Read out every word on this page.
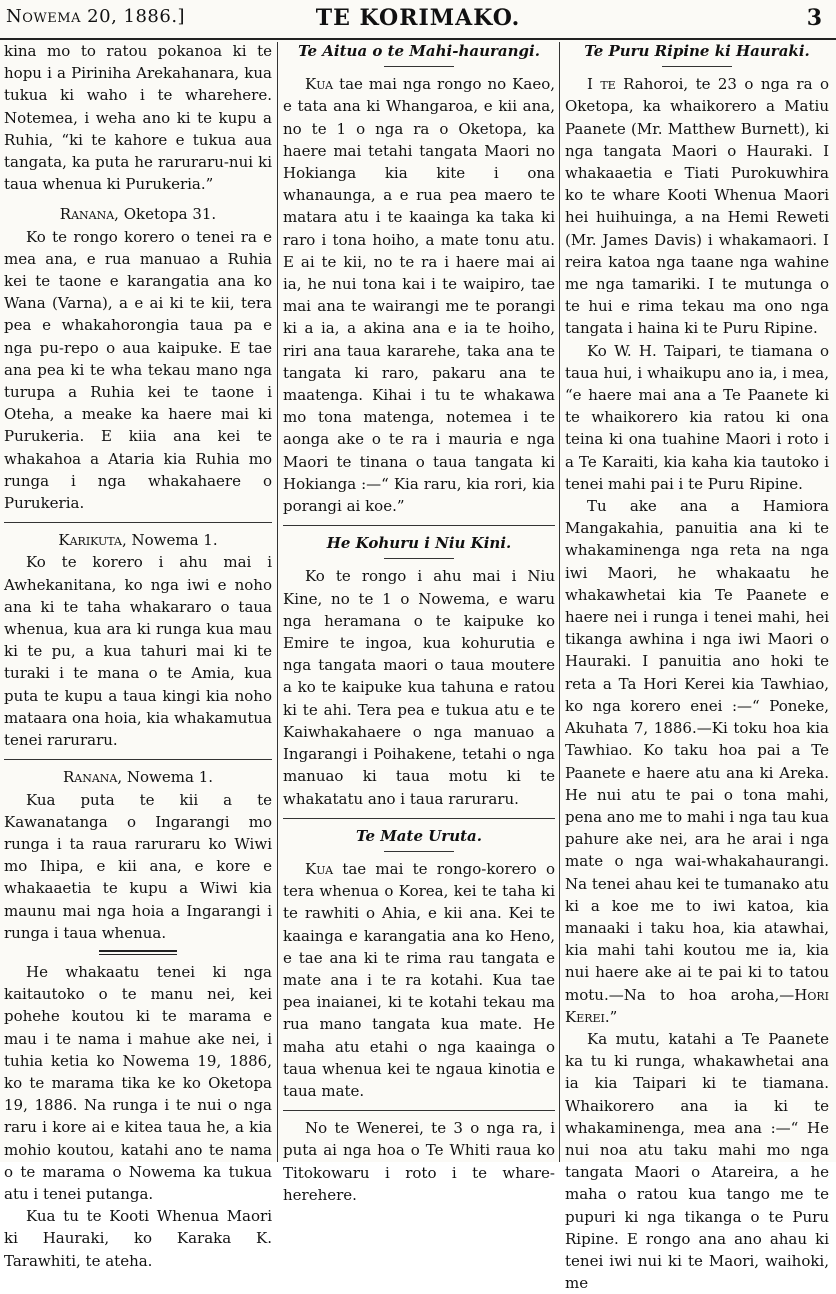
Nowema 20, 1886.]	TE KORIMAKO.	3

kina mo to ratou pokanoa ki te hopu i a Piriniha Arekahanara, kua tukua ki waho i te wharehere. Notemea, i weha ano ki te kupu a Ruhia, “ki te kahore e tukua aua tangata, ka puta he raruraru-nui ki taua whenua ki Purukeria.”

Ranana, Oketopa 31.

Ko te rongo korero o tenei ra e mea ana, e rua manuao a Ruhia kei te taone e karangatia ana ko Wana (Varna), a e ai ki te kii, tera pea e whakahorongia taua pa e nga pu-repo o aua kaipuke. E tae ana pea ki te wha tekau mano nga turupa a Ruhia kei te taone i Oteha, a meake ka haere mai ki Purukeria. E kiia ana kei te whakahoa a Ataria kia Ruhia mo runga i nga whakahaere o Purukeria.

Karikuta, Nowema 1.

Ko te korero i ahu mai i Awhekanitana, ko nga iwi e noho ana ki te taha whakararo o taua whenua, kua ara ki runga kua mau ki te pu, a kua tahuri mai ki te turaki i te mana o te Amia, kua puta te kupu a taua kingi kia noho mataara ona hoia, kia whakamutua tenei raruraru.

Ranana, Nowema 1.

Kua puta te kii a te Kawanatanga o Ingarangi mo runga i ta raua raruraru ko Wiwi mo Ihipa, e kii ana, e kore e whakaaetia te kupu a Wiwi kia maunu mai nga hoia a Ingarangi i runga i taua whenua.

He whakaatu tenei ki nga kaitautoko o te manu nei, kei pohehe koutou ki te marama e mau i te nama i mahue ake nei, i tuhia ketia ko Nowema 19, 1886, ko te marama tika ke ko Oketopa 19, 1886. Na runga i te nui o nga raru i kore ai e kitea taua he, a kia mohio koutou, katahi ano te nama o te marama o Nowema ka tukua atu i tenei putanga.

Kua tu te Kooti Whenua Maori ki Hauraki, ko Karaka K. Tarawhiti, te ateha.

Te Aitua o te Mahi-haurangi.

Kua tae mai nga rongo no Kaeo, e tata ana ki Whangaroa, e kii ana, no te 1 o nga ra o Oketopa, ka haere mai tetahi tangata Maori no Hokianga kia kite i ona whanaunga, a e rua pea maero te matara atu i te kaainga ka taka ki raro i tona hoiho, a mate tonu atu. E ai te kii, no te ra i haere mai ai ia, he nui tona kai i te waipiro, tae mai ana te wairangi me te porangi ki a ia, a akina ana e ia te hoiho, riri ana taua kararehe, taka ana te tangata ki raro, pakaru ana te maatenga. Kihai i tu te whakawa mo tona matenga, notemea i te aonga ake o te ra i mauria e nga Maori te tinana o taua tangata ki Hokianga :—“ Kia raru, kia rori, kia porangi ai koe.”

He Kohuru i Niu Kini.

Ko te rongo i ahu mai i Niu Kine, no te 1 o Nowema, e waru nga heramana o te kaipuke ko Emire te ingoa, kua kohurutia e nga tangata maori o taua moutere a ko te kaipuke kua tahuna e ratou ki te ahi. Tera pea e tukua atu e te Kaiwhakahaere o nga manuao a Ingarangi i Poihakene, tetahi o nga manuao ki taua motu ki te whakatatu ano i taua raruraru.

Te Mate Uruta.

Kua tae mai te rongo-korero o tera whenua o Korea, kei te taha ki te rawhiti o Ahia, e kii ana. Kei te kaainga e karangatia ana ko Heno, e tae ana ki te rima rau tangata e mate ana i te ra kotahi. Kua tae pea inaianei, ki te kotahi tekau ma rua mano tangata kua mate. He maha atu etahi o nga kaainga o taua whenua kei te ngaua kinotia e taua mate.

No te Wenerei, te 3 o nga ra, i puta ai nga hoa o Te Whiti raua ko Titokowaru i roto i te whare-herehere.

Te Puru Ripine ki Hauraki.

I te Rahoroi, te 23 o nga ra o Oketopa, ka whaikorero a Matiu Paanete (Mr. Matthew Burnett), ki nga tangata Maori o Hauraki. I whakaaetia e Tiati Purokuwhira ko te whare Kooti Whenua Maori hei huihuinga, a na Hemi Reweti (Mr. James Davis) i whakamaori. I reira katoa nga taane nga wahine me nga tamariki. I te mutunga o te hui e rima tekau ma ono nga tangata i haina ki te Puru Ripine.

Ko W. H. Taipari, te tiamana o taua hui, i whaikupu ano ia, i mea, “e haere mai ana a Te Paanete ki te whaikorero kia ratou ki ona teina ki ona tuahine Maori i roto i a Te Karaiti, kia kaha kia tautoko i tenei mahi pai i te Puru Ripine.

Tu ake ana a Hamiora Mangakahia, panuitia ana ki te whakaminenga nga reta na nga iwi Maori, he whakaatu he whakawhetai kia Te Paanete e haere nei i runga i tenei mahi, hei tikanga awhina i nga iwi Maori o Hauraki. I panuitia ano hoki te reta a Ta Hori Kerei kia Tawhiao, ko nga korero enei :—“ Poneke, Akuhata 7, 1886.—Ki toku hoa kia Tawhiao. Ko taku hoa pai a Te Paanete e haere atu ana ki Areka. He nui atu te pai o tona mahi, pena ano me to mahi i nga tau kua pahure ake nei, ara he arai i nga mate o nga wai-whakahaurangi. Na tenei ahau kei te tumanako atu ki a koe me to iwi katoa, kia manaaki i taku hoa, kia atawhai, kia mahi tahi koutou me ia, kia nui haere ake ai te pai ki to tatou motu.—Na to hoa aroha,—Hori Kerei.”

Ka mutu, katahi a Te Paanete ka tu ki runga, whakawhetai ana ia kia Taipari ki te tiamana. Whaikorero ana ia ki te whakaminenga, mea ana :—“ He nui noa atu taku mahi mo nga tangata Maori o Atareira, a he maha o ratou kua tango me te pupuri ki nga tikanga o te Puru Ripine. E rongo ana ano ahau ki tenei iwi nui ki te Maori, waihoki, me
